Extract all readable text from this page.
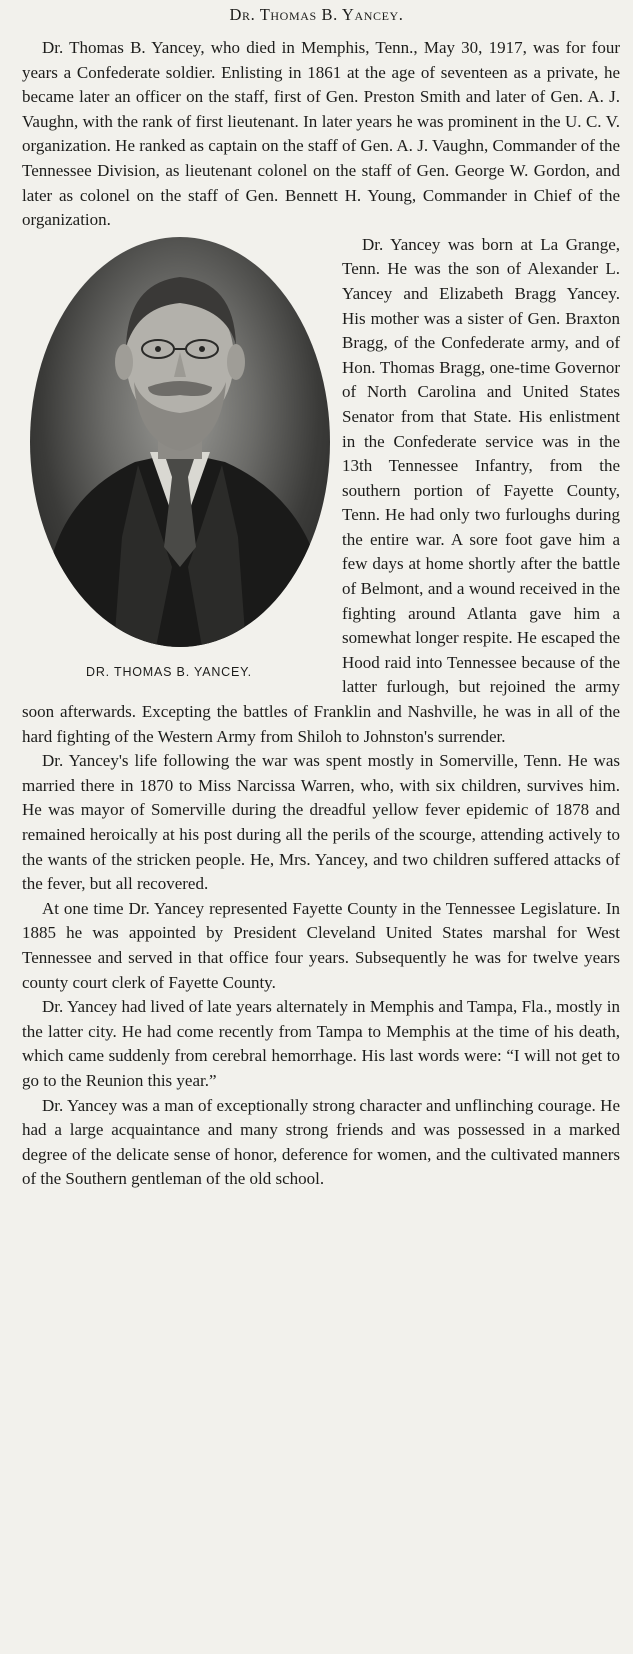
Dr. Thomas B. Yancey.

Dr. Thomas B. Yancey, who died in Memphis, Tenn., May 30, 1917, was for four years a Confederate soldier. Enlisting in 1861 at the age of seventeen as a private, he became later an officer on the staff, first of Gen. Preston Smith and later of Gen. A. J. Vaughn, with the rank of first lieutenant. In later years he was prominent in the U. C. V. organization. He ranked as captain on the staff of Gen. A. J. Vaughn, Commander of the Tennessee Division, as lieutenant colonel on the staff of Gen. George W. Gordon, and later as colonel on the staff of Gen. Bennett H. Young, Commander in Chief of the organization.

DR. THOMAS B. YANCEY.

Dr. Yancey was born at La Grange, Tenn. He was the son of Alexander L. Yancey and Elizabeth Bragg Yancey. His mother was a sister of Gen. Braxton Bragg, of the Confederate army, and of Hon. Thomas Bragg, one-time Governor of North Carolina and United States Senator from that State. His enlistment in the Confederate service was in the 13th Tennessee Infantry, from the southern portion of Fayette County, Tenn. He had only two furloughs during the entire war. A sore foot gave him a few days at home shortly after the battle of Belmont, and a wound received in the fighting around Atlanta gave him a somewhat longer respite. He escaped the Hood raid into Tennessee because of the latter furlough, but rejoined the army soon afterwards. Excepting the battles of Franklin and Nashville, he was in all of the hard fighting of the Western Army from Shiloh to Johnston's surrender.

Dr. Yancey's life following the war was spent mostly in Somerville, Tenn. He was married there in 1870 to Miss Narcissa Warren, who, with six children, survives him. He was mayor of Somerville during the dreadful yellow fever epidemic of 1878 and remained heroically at his post during all the perils of the scourge, attending actively to the wants of the stricken people. He, Mrs. Yancey, and two children suffered attacks of the fever, but all recovered.

At one time Dr. Yancey represented Fayette County in the Tennessee Legislature. In 1885 he was appointed by President Cleveland United States marshal for West Tennessee and served in that office four years. Subsequently he was for twelve years county court clerk of Fayette County.

Dr. Yancey had lived of late years alternately in Memphis and Tampa, Fla., mostly in the latter city. He had come recently from Tampa to Memphis at the time of his death, which came suddenly from cerebral hemorrhage. His last words were: “I will not get to go to the Reunion this year.”

Dr. Yancey was a man of exceptionally strong character and unflinching courage. He had a large acquaintance and many strong friends and was possessed in a marked degree of the delicate sense of honor, deference for women, and the cultivated manners of the Southern gentleman of the old school.
